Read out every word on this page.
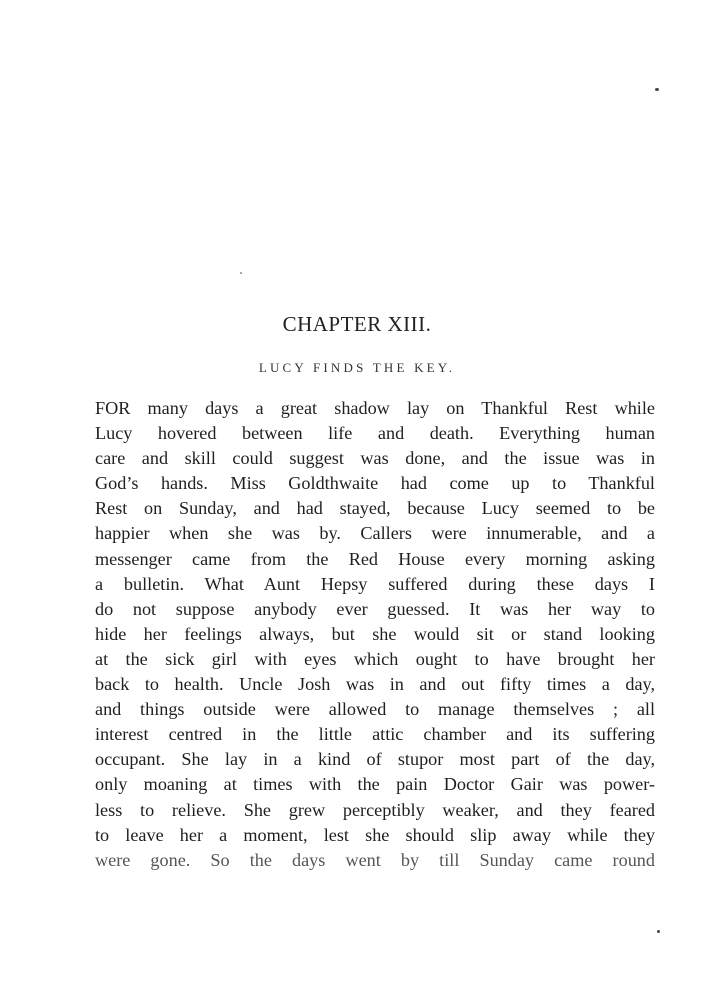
CHAPTER XIII.
LUCY FINDS THE KEY.
FOR many days a great shadow lay on Thankful Rest while
Lucy hovered between life and death. Everything human
care and skill could suggest was done, and the issue was in
God’s hands. Miss Goldthwaite had come up to Thankful
Rest on Sunday, and had stayed, because Lucy seemed to be
happier when she was by. Callers were innumerable, and a
messenger came from the Red House every morning asking
a bulletin. What Aunt Hepsy suffered during these days I
do not suppose anybody ever guessed. It was her way to
hide her feelings always, but she would sit or stand looking
at the sick girl with eyes which ought to have brought her
back to health. Uncle Josh was in and out fifty times a day,
and things outside were allowed to manage themselves ; all
interest centred in the little attic chamber and its suffering
occupant. She lay in a kind of stupor most part of the day,
only moaning at times with the pain Doctor Gair was power-
less to relieve. She grew perceptibly weaker, and they feared
to leave her a moment, lest she should slip away while they
were gone. So the days went by till Sunday came round
